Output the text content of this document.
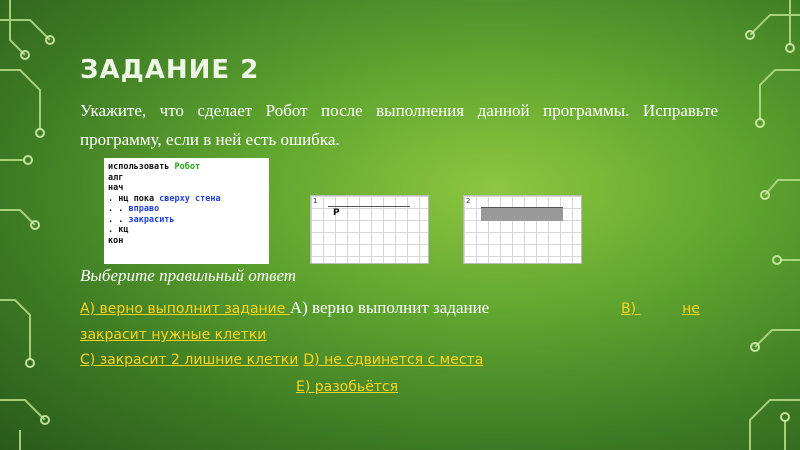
ЗАДАНИЕ 2

Укажите, что сделает Робот после выполнения данной программы. Исправьте программу, если в ней есть ошибка.

использовать Робот
алг
нач
. нц пока сверху стена
. . вправо
. . закрасить
. кц
кон
1
Р
2

Выберите правильный ответ

A) верно выполнит задание A) верно выполнит задание	B)	не
закрасит нужные клетки
C) закрасит 2 лишние клетки D) не сдвинется с места
E) разобьётся
